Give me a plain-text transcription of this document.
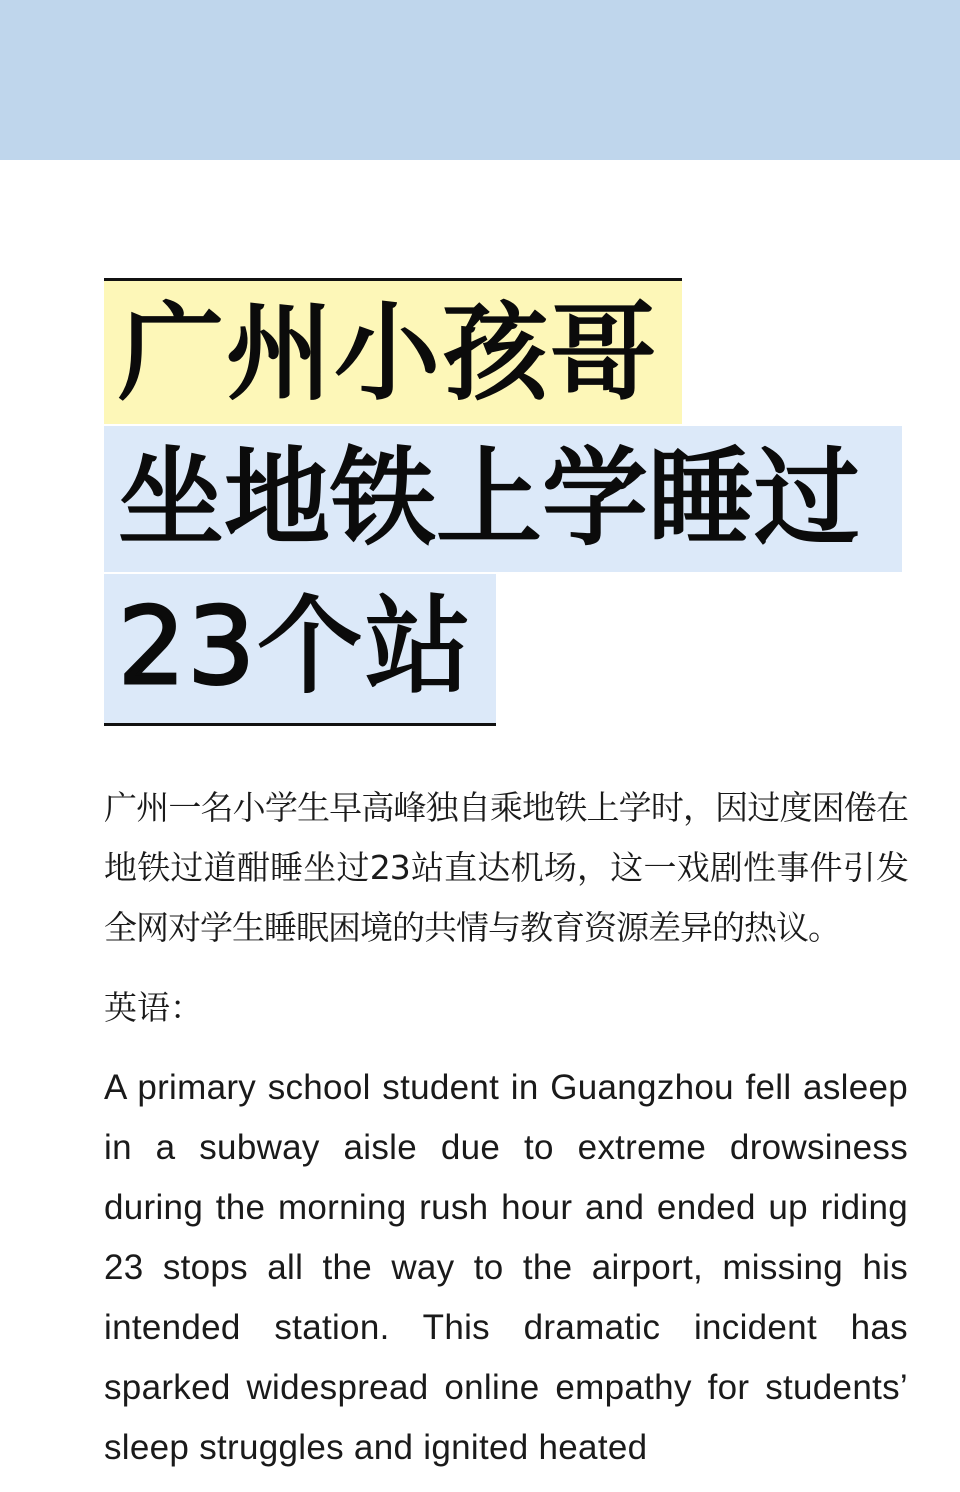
广州小孩哥
坐地铁上学睡过
23个站
广州一名小学生早高峰独自乘地铁上学时，因过度困倦在地铁过道酣睡坐过23站直达机场，这一戏剧性事件引发全网对学生睡眠困境的共情与教育资源差异的热议。
英语：
A primary school student in Guangzhou fell asleep in a subway aisle due to extreme drowsiness during the morning rush hour and ended up riding 23 stops all the way to the airport, missing his intended station. This dramatic incident has sparked widespread online empathy for students’ sleep struggles and ignited heated
